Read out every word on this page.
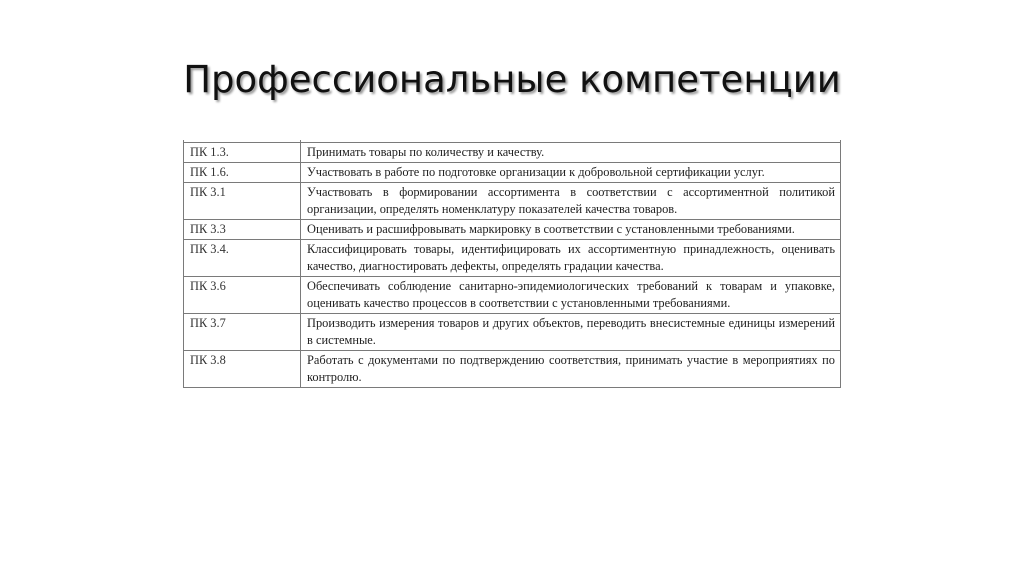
Профессиональные компетенции

ПК 1.3.	Принимать товары по количеству и качеству.
ПК 1.6.	Участвовать в работе по подготовке организации к добровольной сертификации услуг.
ПК 3.1	Участвовать в формировании ассортимента в соответствии с ассортиментной политикой организации, определять номенклатуру показателей качества товаров.
ПК 3.3	Оценивать и расшифровывать маркировку в соответствии с установленными требованиями.
ПК 3.4.	Классифицировать товары, идентифицировать их ассортиментную принадлежность, оценивать качество, диагностировать дефекты, определять градации качества.
ПК 3.6	Обеспечивать соблюдение санитарно-эпидемиологических требований к товарам и упаковке, оценивать качество процессов в соответствии с установленными требованиями.
ПК 3.7	Производить измерения товаров и других объектов, переводить внесистемные единицы измерений в системные.
ПК 3.8	Работать с документами по подтверждению соответствия, принимать участие в мероприятиях по контролю.
